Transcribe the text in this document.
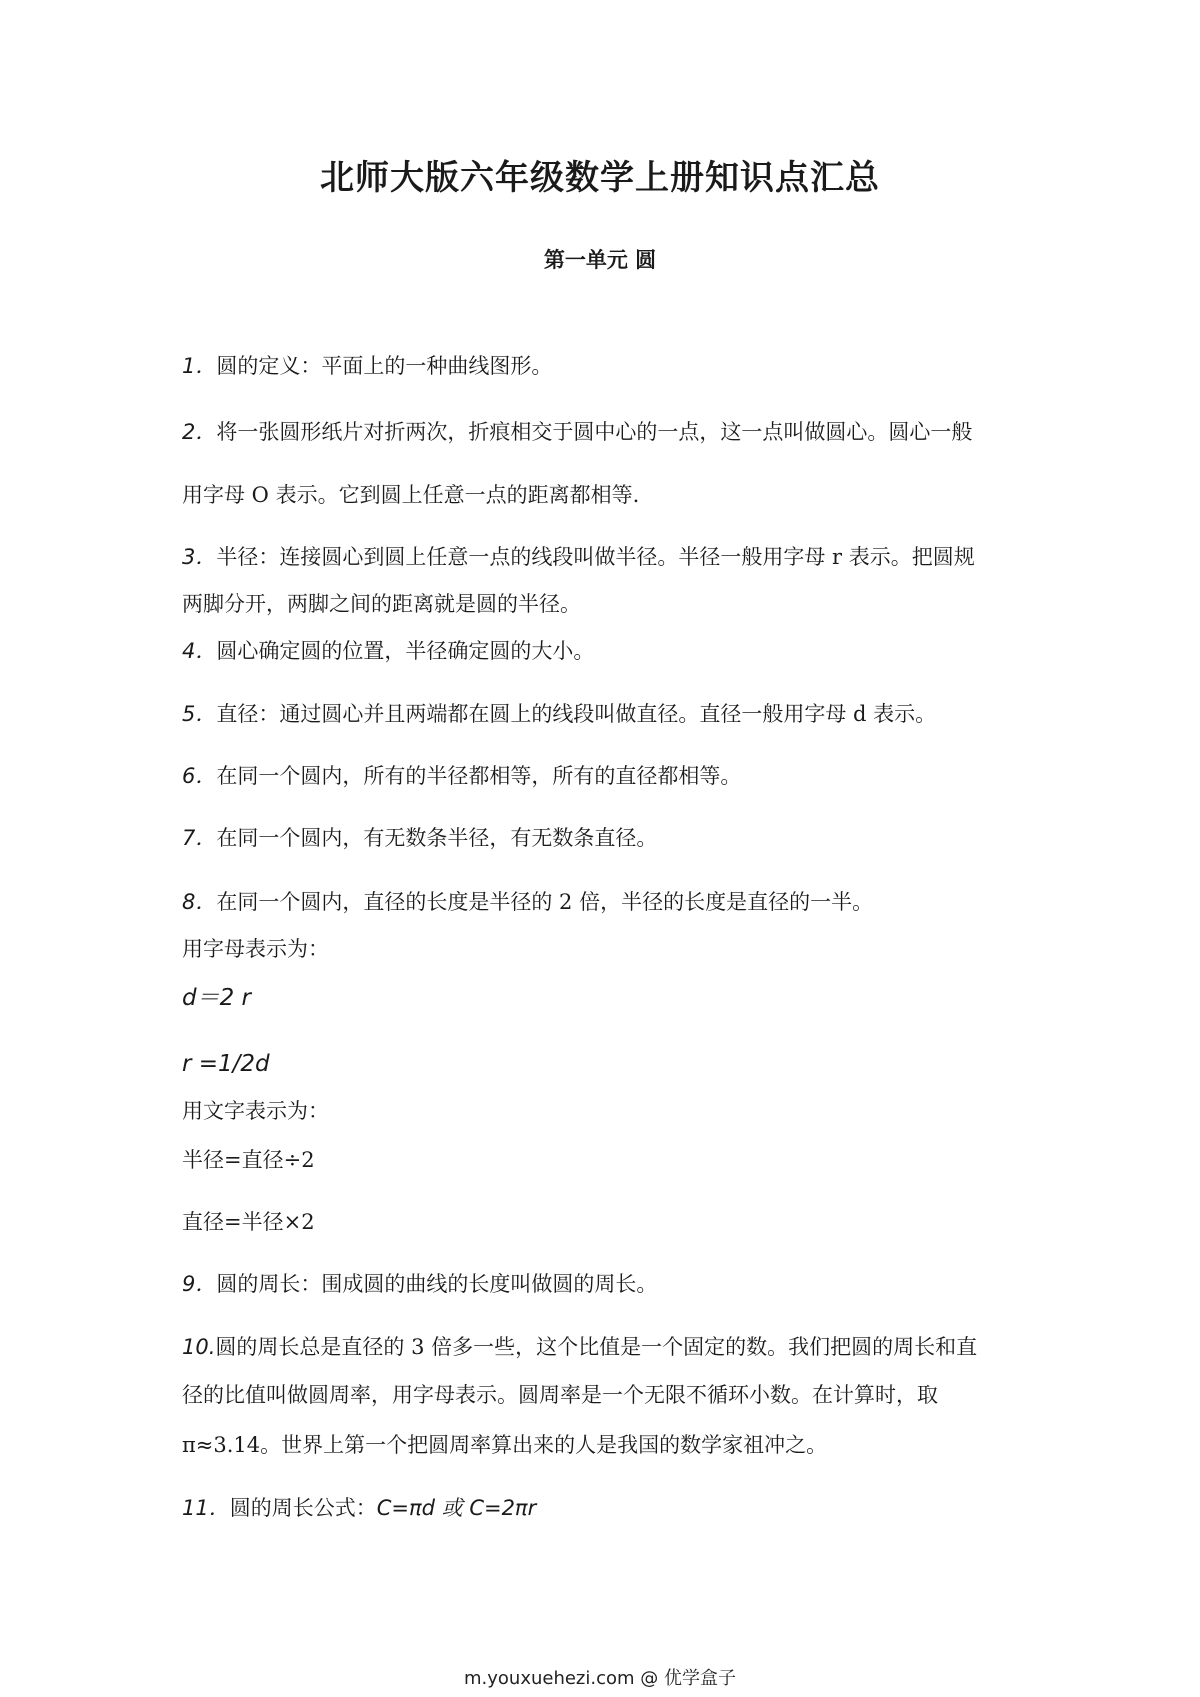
北师大版六年级数学上册知识点汇总
第一单元 圆
1．圆的定义：平面上的一种曲线图形。
2．将一张圆形纸片对折两次，折痕相交于圆中心的一点，这一点叫做圆心。圆心一般
用字母 O 表示。它到圆上任意一点的距离都相等.
3．半径：连接圆心到圆上任意一点的线段叫做半径。半径一般用字母 r 表示。把圆规
两脚分开，两脚之间的距离就是圆的半径。
4．圆心确定圆的位置，半径确定圆的大小。
5．直径：通过圆心并且两端都在圆上的线段叫做直径。直径一般用字母 d 表示。
6．在同一个圆内，所有的半径都相等，所有的直径都相等。
7．在同一个圆内，有无数条半径，有无数条直径。
8．在同一个圆内，直径的长度是半径的 2 倍，半径的长度是直径的一半。
用字母表示为：
d＝2 r
r =1/2d
用文字表示为：
半径=直径÷2
直径=半径×2
9．圆的周长：围成圆的曲线的长度叫做圆的周长。
10.圆的周长总是直径的 3 倍多一些，这个比值是一个固定的数。我们把圆的周长和直
径的比值叫做圆周率，用字母表示。圆周率是一个无限不循环小数。在计算时，取
π≈3.14。世界上第一个把圆周率算出来的人是我国的数学家祖冲之。
11．圆的周长公式：C=πd 或 C=2πr
m.youxuehezi.com @ 优学盒子
